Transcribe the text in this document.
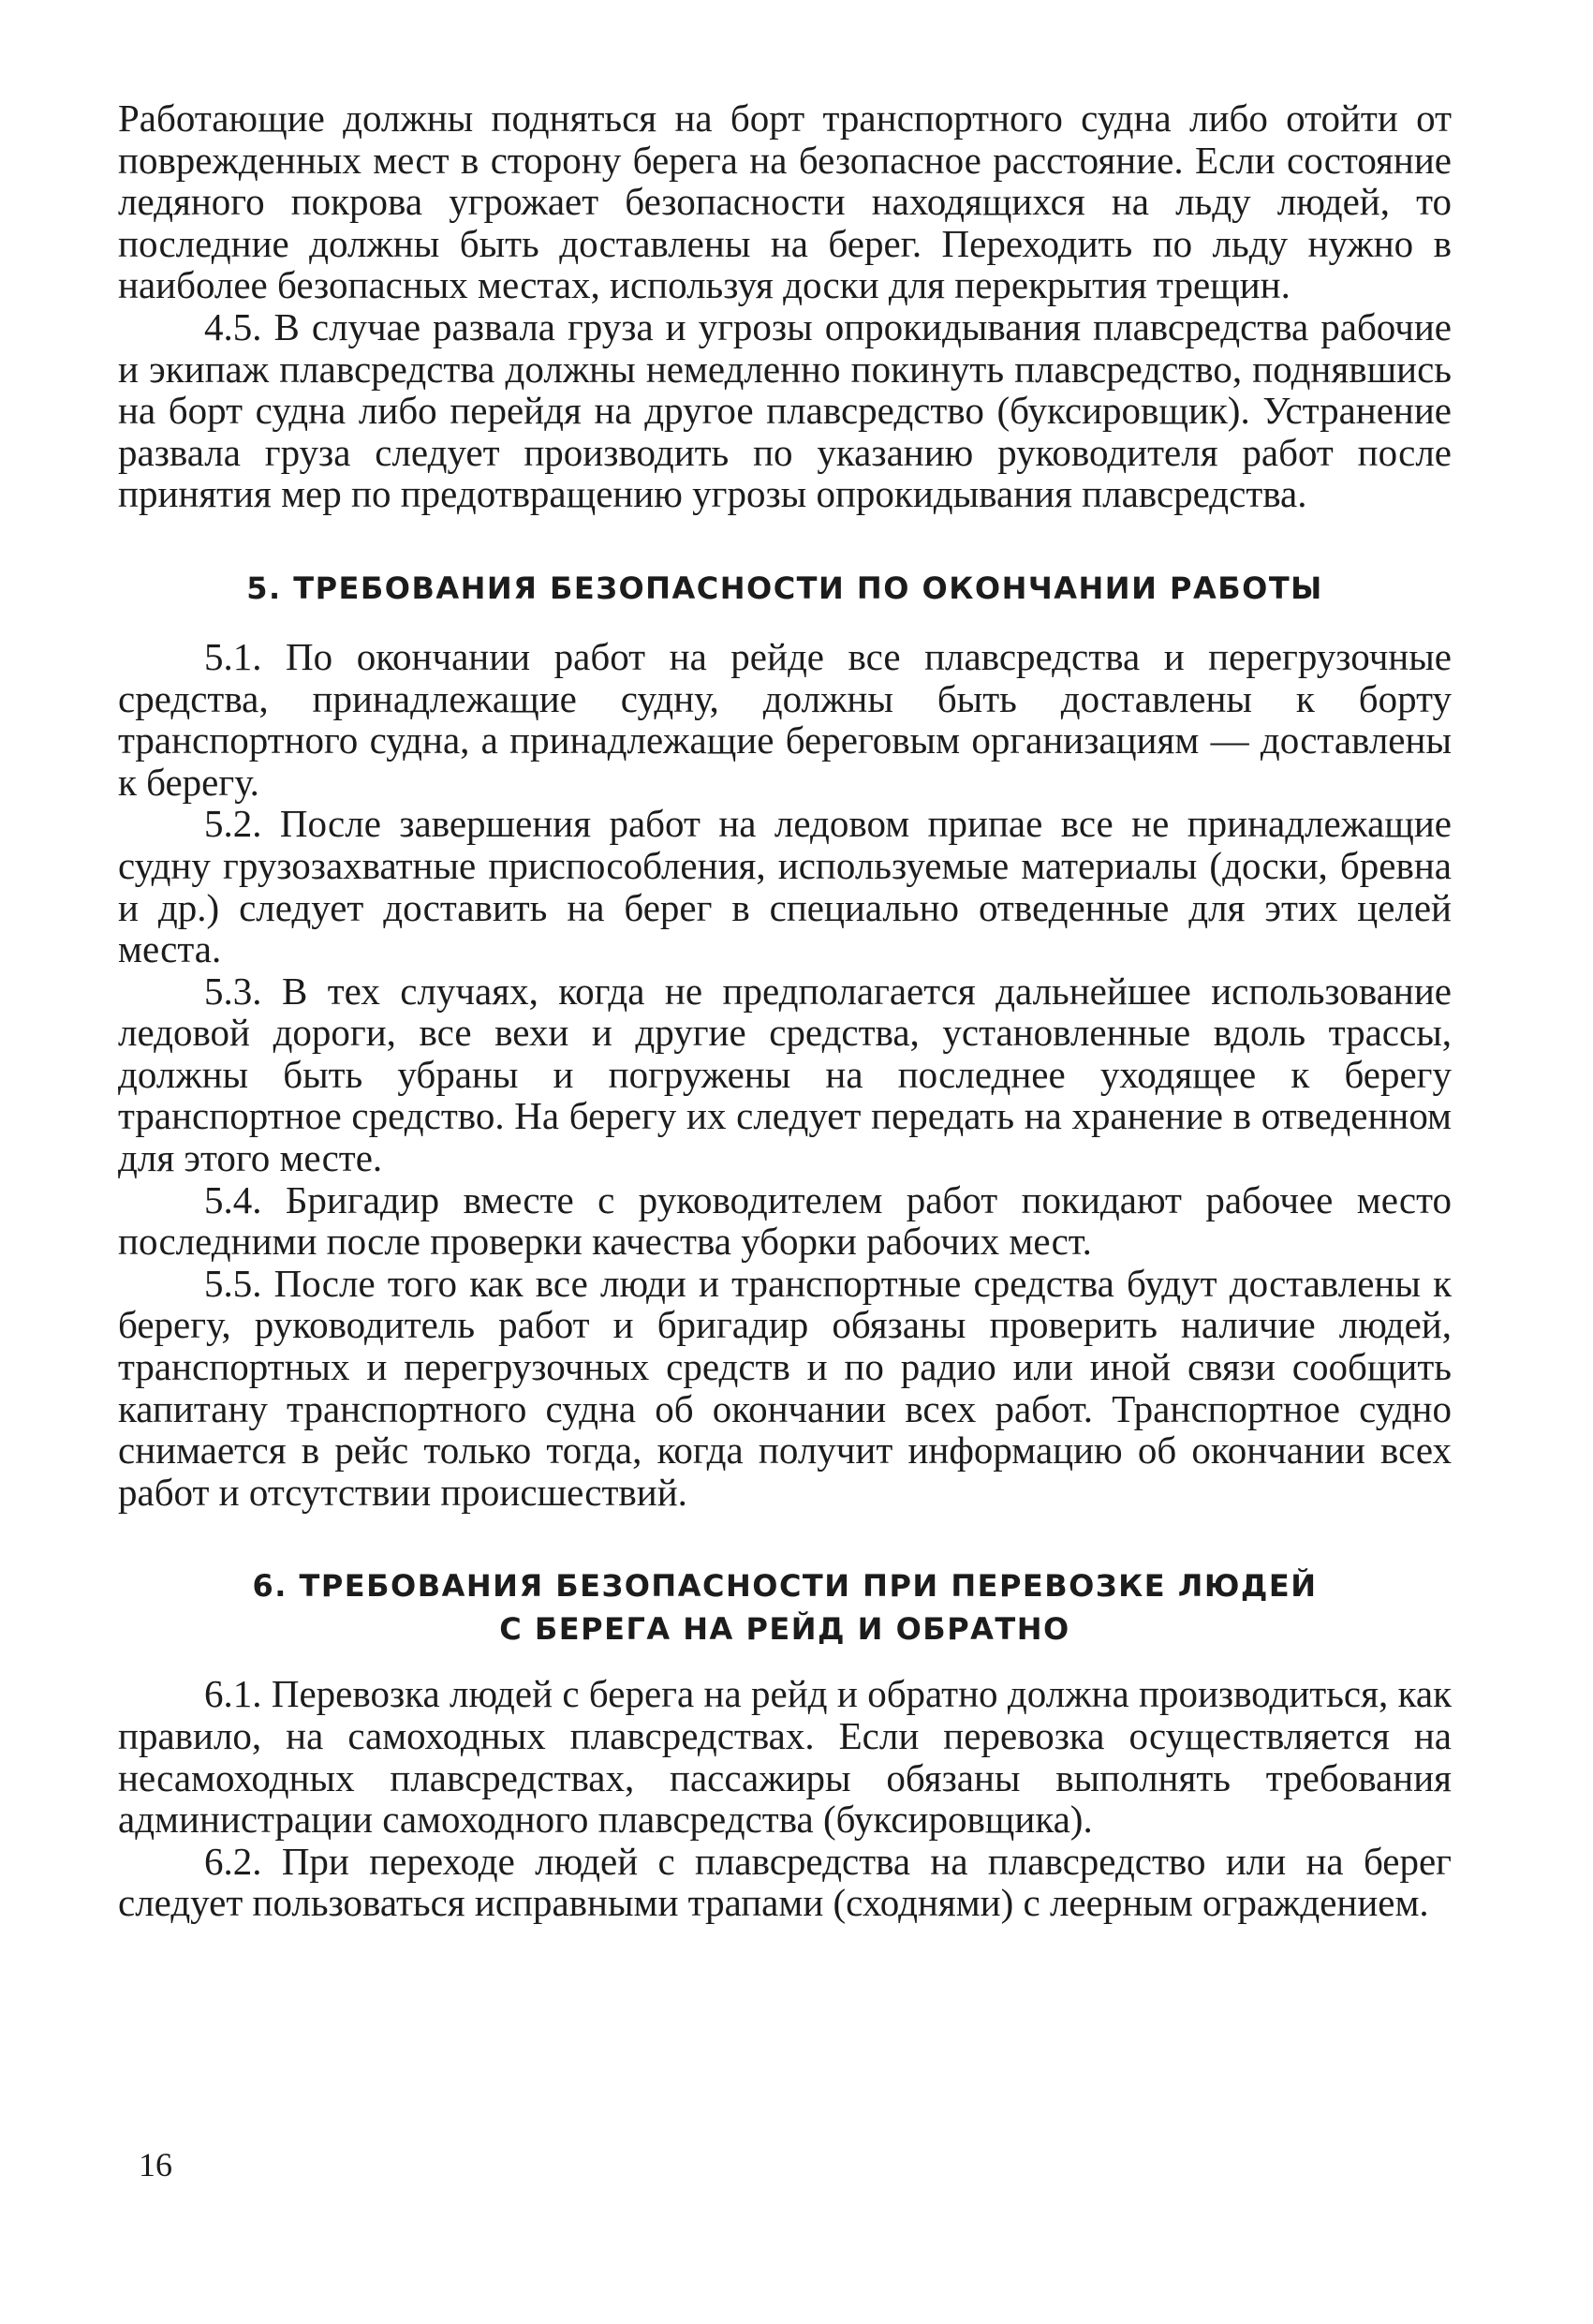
Работающие должны подняться на борт транспортного судна либо отойти от поврежденных мест в сторону берега на безопасное расстояние. Если состояние ледяного покрова угрожает безопасности находящихся на льду людей, то последние должны быть доставлены на берег. Переходить по льду нужно в наиболее безопасных местах, используя доски для перекрытия трещин.

4.5. В случае развала груза и угрозы опрокидывания плавсредства рабочие и экипаж плавсредства должны немедленно покинуть плавсредство, поднявшись на борт судна либо перейдя на другое плавсредство (буксировщик). Устранение развала груза следует производить по указанию руководителя работ после принятия мер по предотвращению угрозы опрокидывания плавсредства.

5. ТРЕБОВАНИЯ БЕЗОПАСНОСТИ ПО ОКОНЧАНИИ РАБОТЫ

5.1. По окончании работ на рейде все плавсредства и перегрузочные средства, принадлежащие судну, должны быть доставлены к борту транспортного судна, а принадлежащие береговым организациям — доставлены к берегу.

5.2. После завершения работ на ледовом припае все не принадлежащие судну грузозахватные приспособления, используемые материалы (доски, бревна и др.) следует доставить на берег в специально отведенные для этих целей места.

5.3. В тех случаях, когда не предполагается дальнейшее использование ледовой дороги, все вехи и другие средства, установленные вдоль трассы, должны быть убраны и погружены на последнее уходящее к берегу транспортное средство. На берегу их следует передать на хранение в отведенном для этого месте.

5.4. Бригадир вместе с руководителем работ покидают рабочее место последними после проверки качества уборки рабочих мест.

5.5. После того как все люди и транспортные средства будут доставлены к берегу, руководитель работ и бригадир обязаны проверить наличие людей, транспортных и перегрузочных средств и по радио или иной связи сообщить капитану транспортного судна об окончании всех работ. Транспортное судно снимается в рейс только тогда, когда получит информацию об окончании всех работ и отсутствии происшествий.

6. ТРЕБОВАНИЯ БЕЗОПАСНОСТИ ПРИ ПЕРЕВОЗКЕ ЛЮДЕЙ
С БЕРЕГА НА РЕЙД И ОБРАТНО

6.1. Перевозка людей с берега на рейд и обратно должна производиться, как правило, на самоходных плавсредствах. Если перевозка осуществляется на несамоходных плавсредствах, пассажиры обязаны выполнять требования администрации самоходного плавсредства (буксировщика).

6.2. При переходе людей с плавсредства на плавсредство или на берег следует пользоваться исправными трапами (сходнями) с леерным ограждением.

16
